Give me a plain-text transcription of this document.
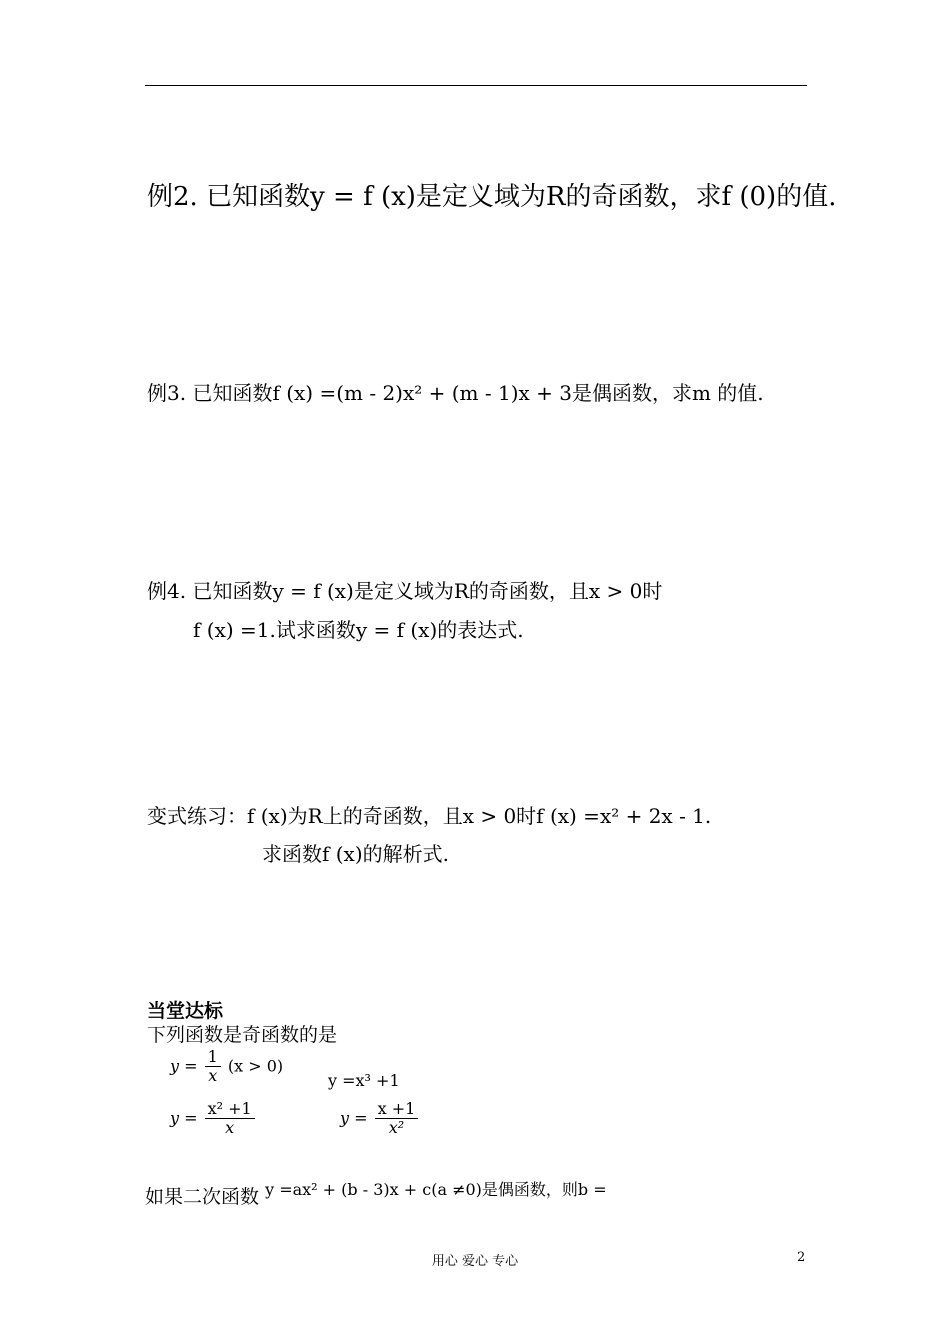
例2. 已知函数y = f (x)是定义域为R的奇函数，求f (0)的值.
例3. 已知函数f (x) =(m - 2)x² + (m - 1)x + 3是偶函数，求m 的值.
例4. 已知函数y = f (x)是定义域为R的奇函数，且x > 0时
f (x) =1.试求函数y = f (x)的表达式.
变式练习：f (x)为R上的奇函数，且x > 0时f (x) =x² + 2x - 1.
求函数f (x)的解析式.
当堂达标
下列函数是奇函数的是
$y = \frac{1}{x} (x > 0)$
y =x³ +1
$y = \frac{\text{x² +1}}{x}$	$y = \frac{x +1}{\text{x²}}$
如果二次函数 $^{y =ax^2 + (b - 3)x + c(a \ne 0)是偶函数,则b =}$
用心 爱心 专心	2
